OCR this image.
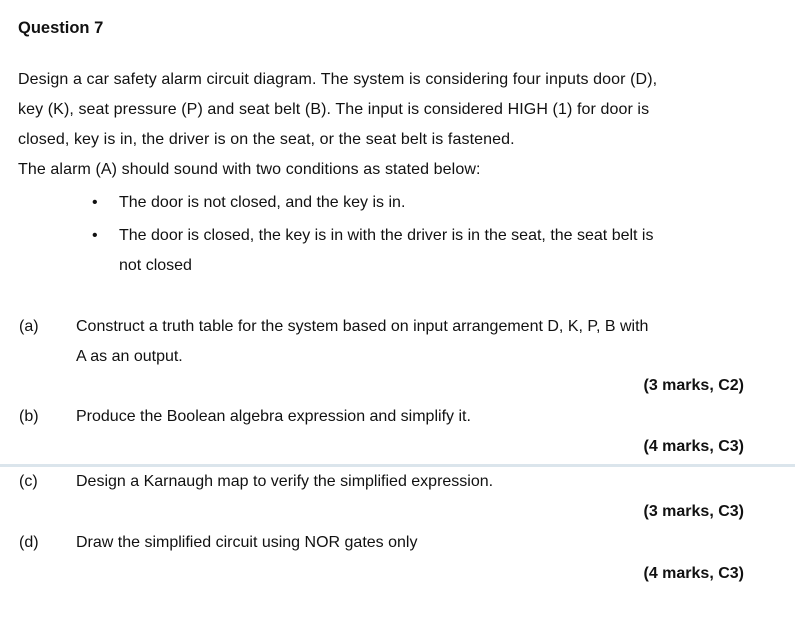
Question 7
Design a car safety alarm circuit diagram. The system is considering four inputs door (D),
key (K), seat pressure (P) and seat belt (B). The input is considered HIGH (1) for door is
closed, key is in, the driver is on the seat, or the seat belt is fastened.
The alarm (A) should sound with two conditions as stated below:
• The door is not closed, and the key is in.
• The door is closed, the key is in with the driver is in the seat, the seat belt is
not closed
(a) Construct a truth table for the system based on input arrangement D, K, P, B with
A as an output.
(3 marks, C2)
(b) Produce the Boolean algebra expression and simplify it.
(4 marks, C3)
(c) Design a Karnaugh map to verify the simplified expression.
(3 marks, C3)
(d) Draw the simplified circuit using NOR gates only
(4 marks, C3)
